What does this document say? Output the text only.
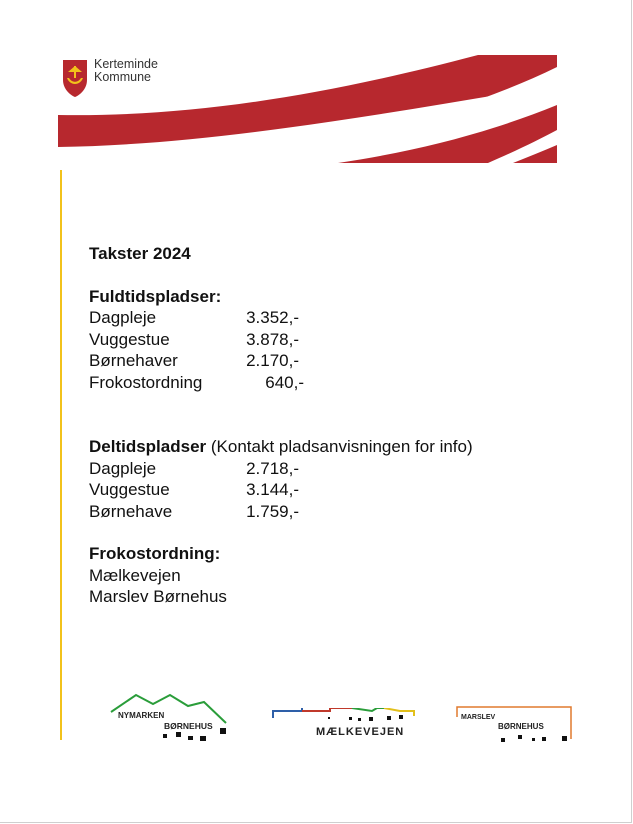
Kerteminde
Kommune
Takster 2024
Fuldtidspladser:
Dagpleje	3.352,-
Vuggestue	3.878,-
Børnehaver	2.170,-
Frokostordning	640,-
Deltidspladser (Kontakt pladsanvisningen for info)
Dagpleje	2.718,-
Vuggestue	3.144,-
Børnehave	1.759,-
Frokostordning:
Mælkevejen
Marslev Børnehus
NYMARKEN
BØRNEHUS	MÆLKEVEJEN
MARSLEV
BØRNEHUS
